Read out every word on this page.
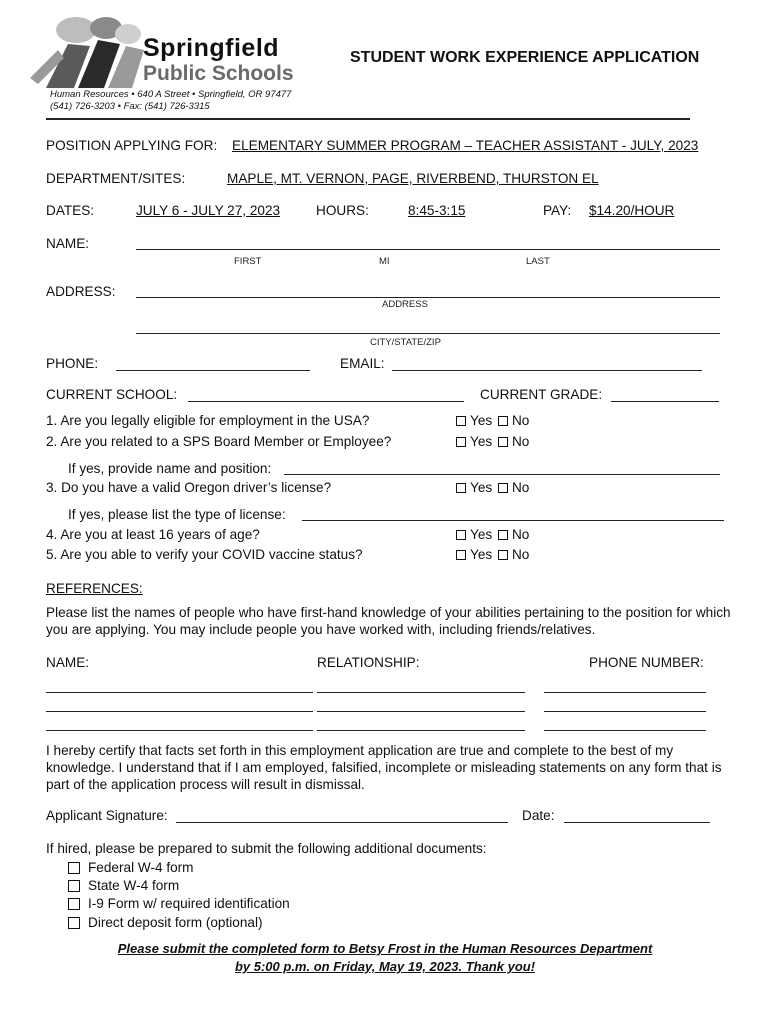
Springfield
Public Schools
Human Resources • 640 A Street • Springfield, OR 97477
(541) 726-3203 • Fax: (541) 726-3315
STUDENT WORK EXPERIENCE APPLICATION
POSITION APPLYING FOR: ELEMENTARY SUMMER PROGRAM – TEACHER ASSISTANT - JULY, 2023
DEPARTMENT/SITES:	MAPLE, MT. VERNON, PAGE, RIVERBEND, THURSTON EL
DATES:	JULY 6 - JULY 27, 2023	HOURS:	8:45-3:15	PAY: $14.20/HOUR
NAME:
FIRST	MI	LAST
ADDRESS:
ADDRESS
CITY/STATE/ZIP
PHONE:	EMAIL:
CURRENT SCHOOL:	CURRENT GRADE:
1. Are you legally eligible for employment in the USA?	Yes No
2. Are you related to a SPS Board Member or Employee?	Yes No
If yes, provide name and position:
3. Do you have a valid Oregon driver’s license?	Yes No
If yes, please list the type of license:
4. Are you at least 16 years of age?	Yes No
5. Are you able to verify your COVID vaccine status?	Yes No
REFERENCES:
Please list the names of people who have first-hand knowledge of your abilities pertaining to the position for which you are applying. You may include people you have worked with, including friends/relatives.
NAME:	RELATIONSHIP:	PHONE NUMBER:
I hereby certify that facts set forth in this employment application are true and complete to the best of my knowledge. I understand that if I am employed, falsified, incomplete or misleading statements on any form that is part of the application process will result in dismissal.
Applicant Signature:	Date:
If hired, please be prepared to submit the following additional documents:
Federal W-4 form
State W-4 form
I-9 Form w/ required identification
Direct deposit form (optional)
Please submit the completed form to Betsy Frost in the Human Resources Department
by 5:00 p.m. on Friday, May 19, 2023. Thank you!
